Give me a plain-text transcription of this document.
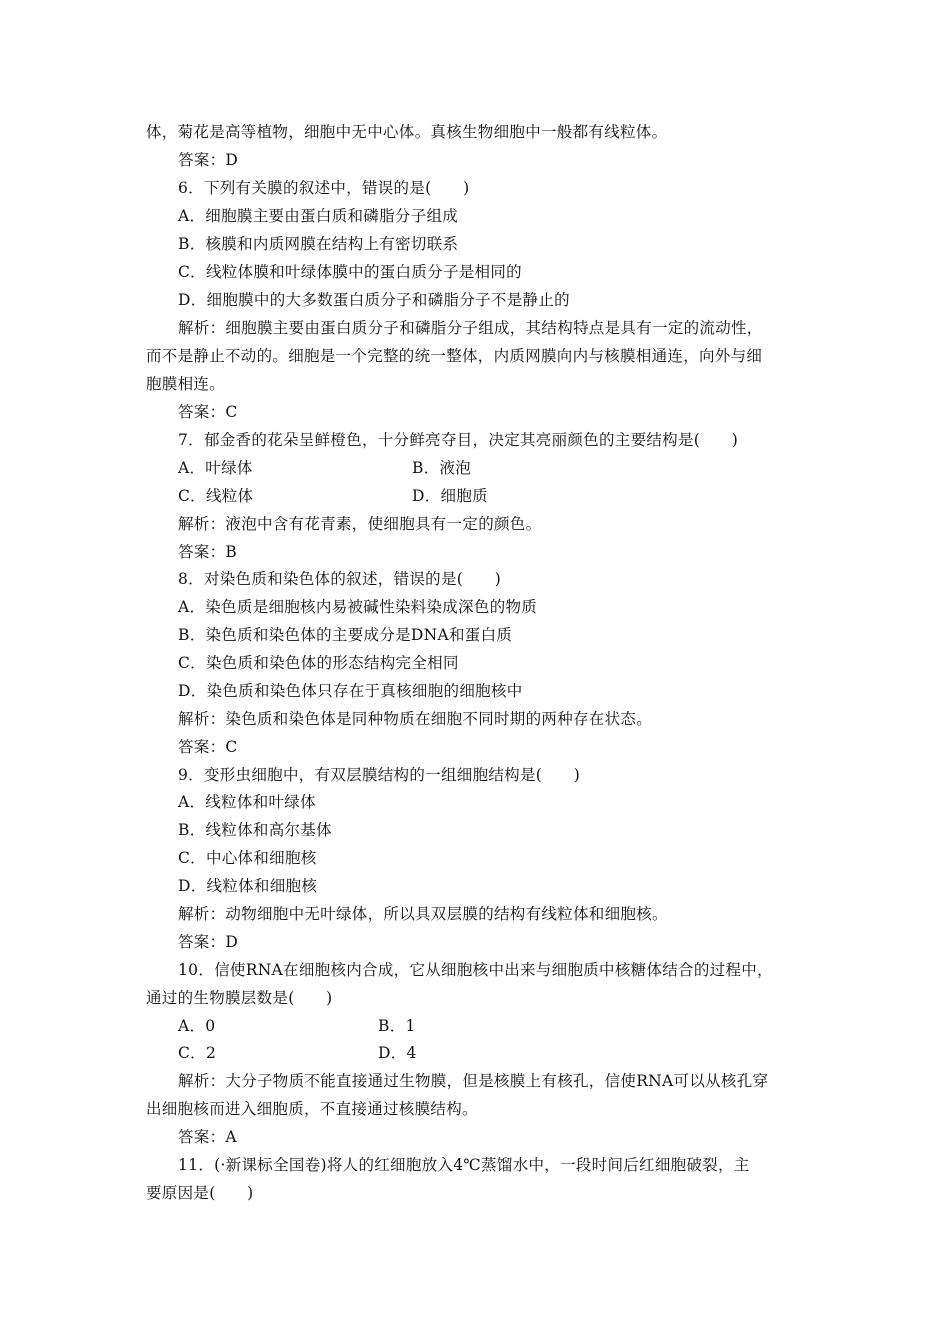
体，菊花是高等植物，细胞中无中心体。真核生物细胞中一般都有线粒体。
答案：D
6．下列有关膜的叙述中，错误的是(　　)
A．细胞膜主要由蛋白质和磷脂分子组成
B．核膜和内质网膜在结构上有密切联系
C．线粒体膜和叶绿体膜中的蛋白质分子是相同的
D．细胞膜中的大多数蛋白质分子和磷脂分子不是静止的
解析：细胞膜主要由蛋白质分子和磷脂分子组成，其结构特点是具有一定的流动性，
而不是静止不动的。细胞是一个完整的统一整体，内质网膜向内与核膜相通连，向外与细
胞膜相连。
答案：C
7．郁金香的花朵呈鲜橙色，十分鲜亮夺目，决定其亮丽颜色的主要结构是(　　)
A．叶绿体	B．液泡
C．线粒体	D．细胞质
解析：液泡中含有花青素，使细胞具有一定的颜色。
答案：B
8．对染色质和染色体的叙述，错误的是(　　)
A．染色质是细胞核内易被碱性染料染成深色的物质
B．染色质和染色体的主要成分是DNA和蛋白质
C．染色质和染色体的形态结构完全相同
D．染色质和染色体只存在于真核细胞的细胞核中
解析：染色质和染色体是同种物质在细胞不同时期的两种存在状态。
答案：C
9．变形虫细胞中，有双层膜结构的一组细胞结构是(　　)
A．线粒体和叶绿体
B．线粒体和高尔基体
C．中心体和细胞核
D．线粒体和细胞核
解析：动物细胞中无叶绿体，所以具双层膜的结构有线粒体和细胞核。
答案：D
10．信使RNA在细胞核内合成，它从细胞核中出来与细胞质中核糖体结合的过程中，
通过的生物膜层数是(　　)
A．0	B．1
C．2	D．4
解析：大分子物质不能直接通过生物膜，但是核膜上有核孔，信使RNA可以从核孔穿
出细胞核而进入细胞质，不直接通过核膜结构。
答案：A
11．(·新课标全国卷)将人的红细胞放入4℃蒸馏水中，一段时间后红细胞破裂，主
要原因是(　　)
